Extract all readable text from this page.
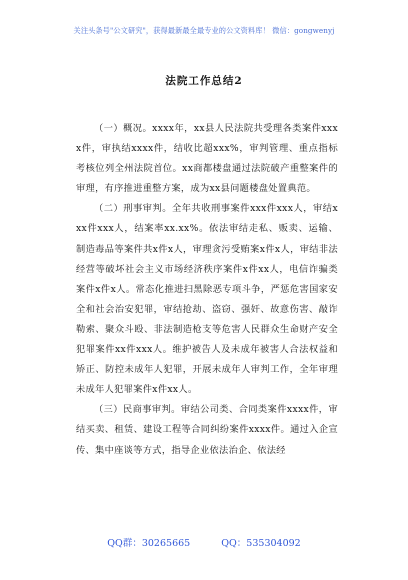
关注头条号"公文研究"，获得最新最全最专业的公文资料库！ 微信：gongwenyj
法院工作总结2

（一）概况。xxxx年，xx县人民法院共受理各类案件xxxx件，审执结xxxx件，结收比超xxx%，审判管理、重点指标考核位列全州法院首位。xx商都楼盘通过法院破产重整案件的审理，有序推进重整方案，成为xx县问题楼盘处置典范。

（二）刑事审判。全年共收刑事案件xxx件xxx人，审结xxx件xxx人，结案率xx.xx%。依法审结走私、贩卖、运输、制造毒品等案件共x件x人，审理贪污受贿案x件x人，审结非法经营等破坏社会主义市场经济秩序案件x件xx人，电信诈骗类案件x件x人。常态化推进扫黑除恶专项斗争，严惩危害国家安全和社会治安犯罪，审结抢劫、盗窃、强奸、故意伤害、敲诈勒索、聚众斗殴、非法制造枪支等危害人民群众生命财产安全犯罪案件xx件xxx人。维护被告人及未成年被害人合法权益和矫正、防控未成年人犯罪，开展未成年人审判工作，全年审理未成年人犯罪案件x件xx人。

（三）民商事审判。审结公司类、合同类案件xxxx件，审结买卖、租赁、建设工程等合同纠纷案件xxxx件。通过入企宣传、集中座谈等方式，指导企业依法治企、依法经

QQ群：30265665	QQ：535304092
